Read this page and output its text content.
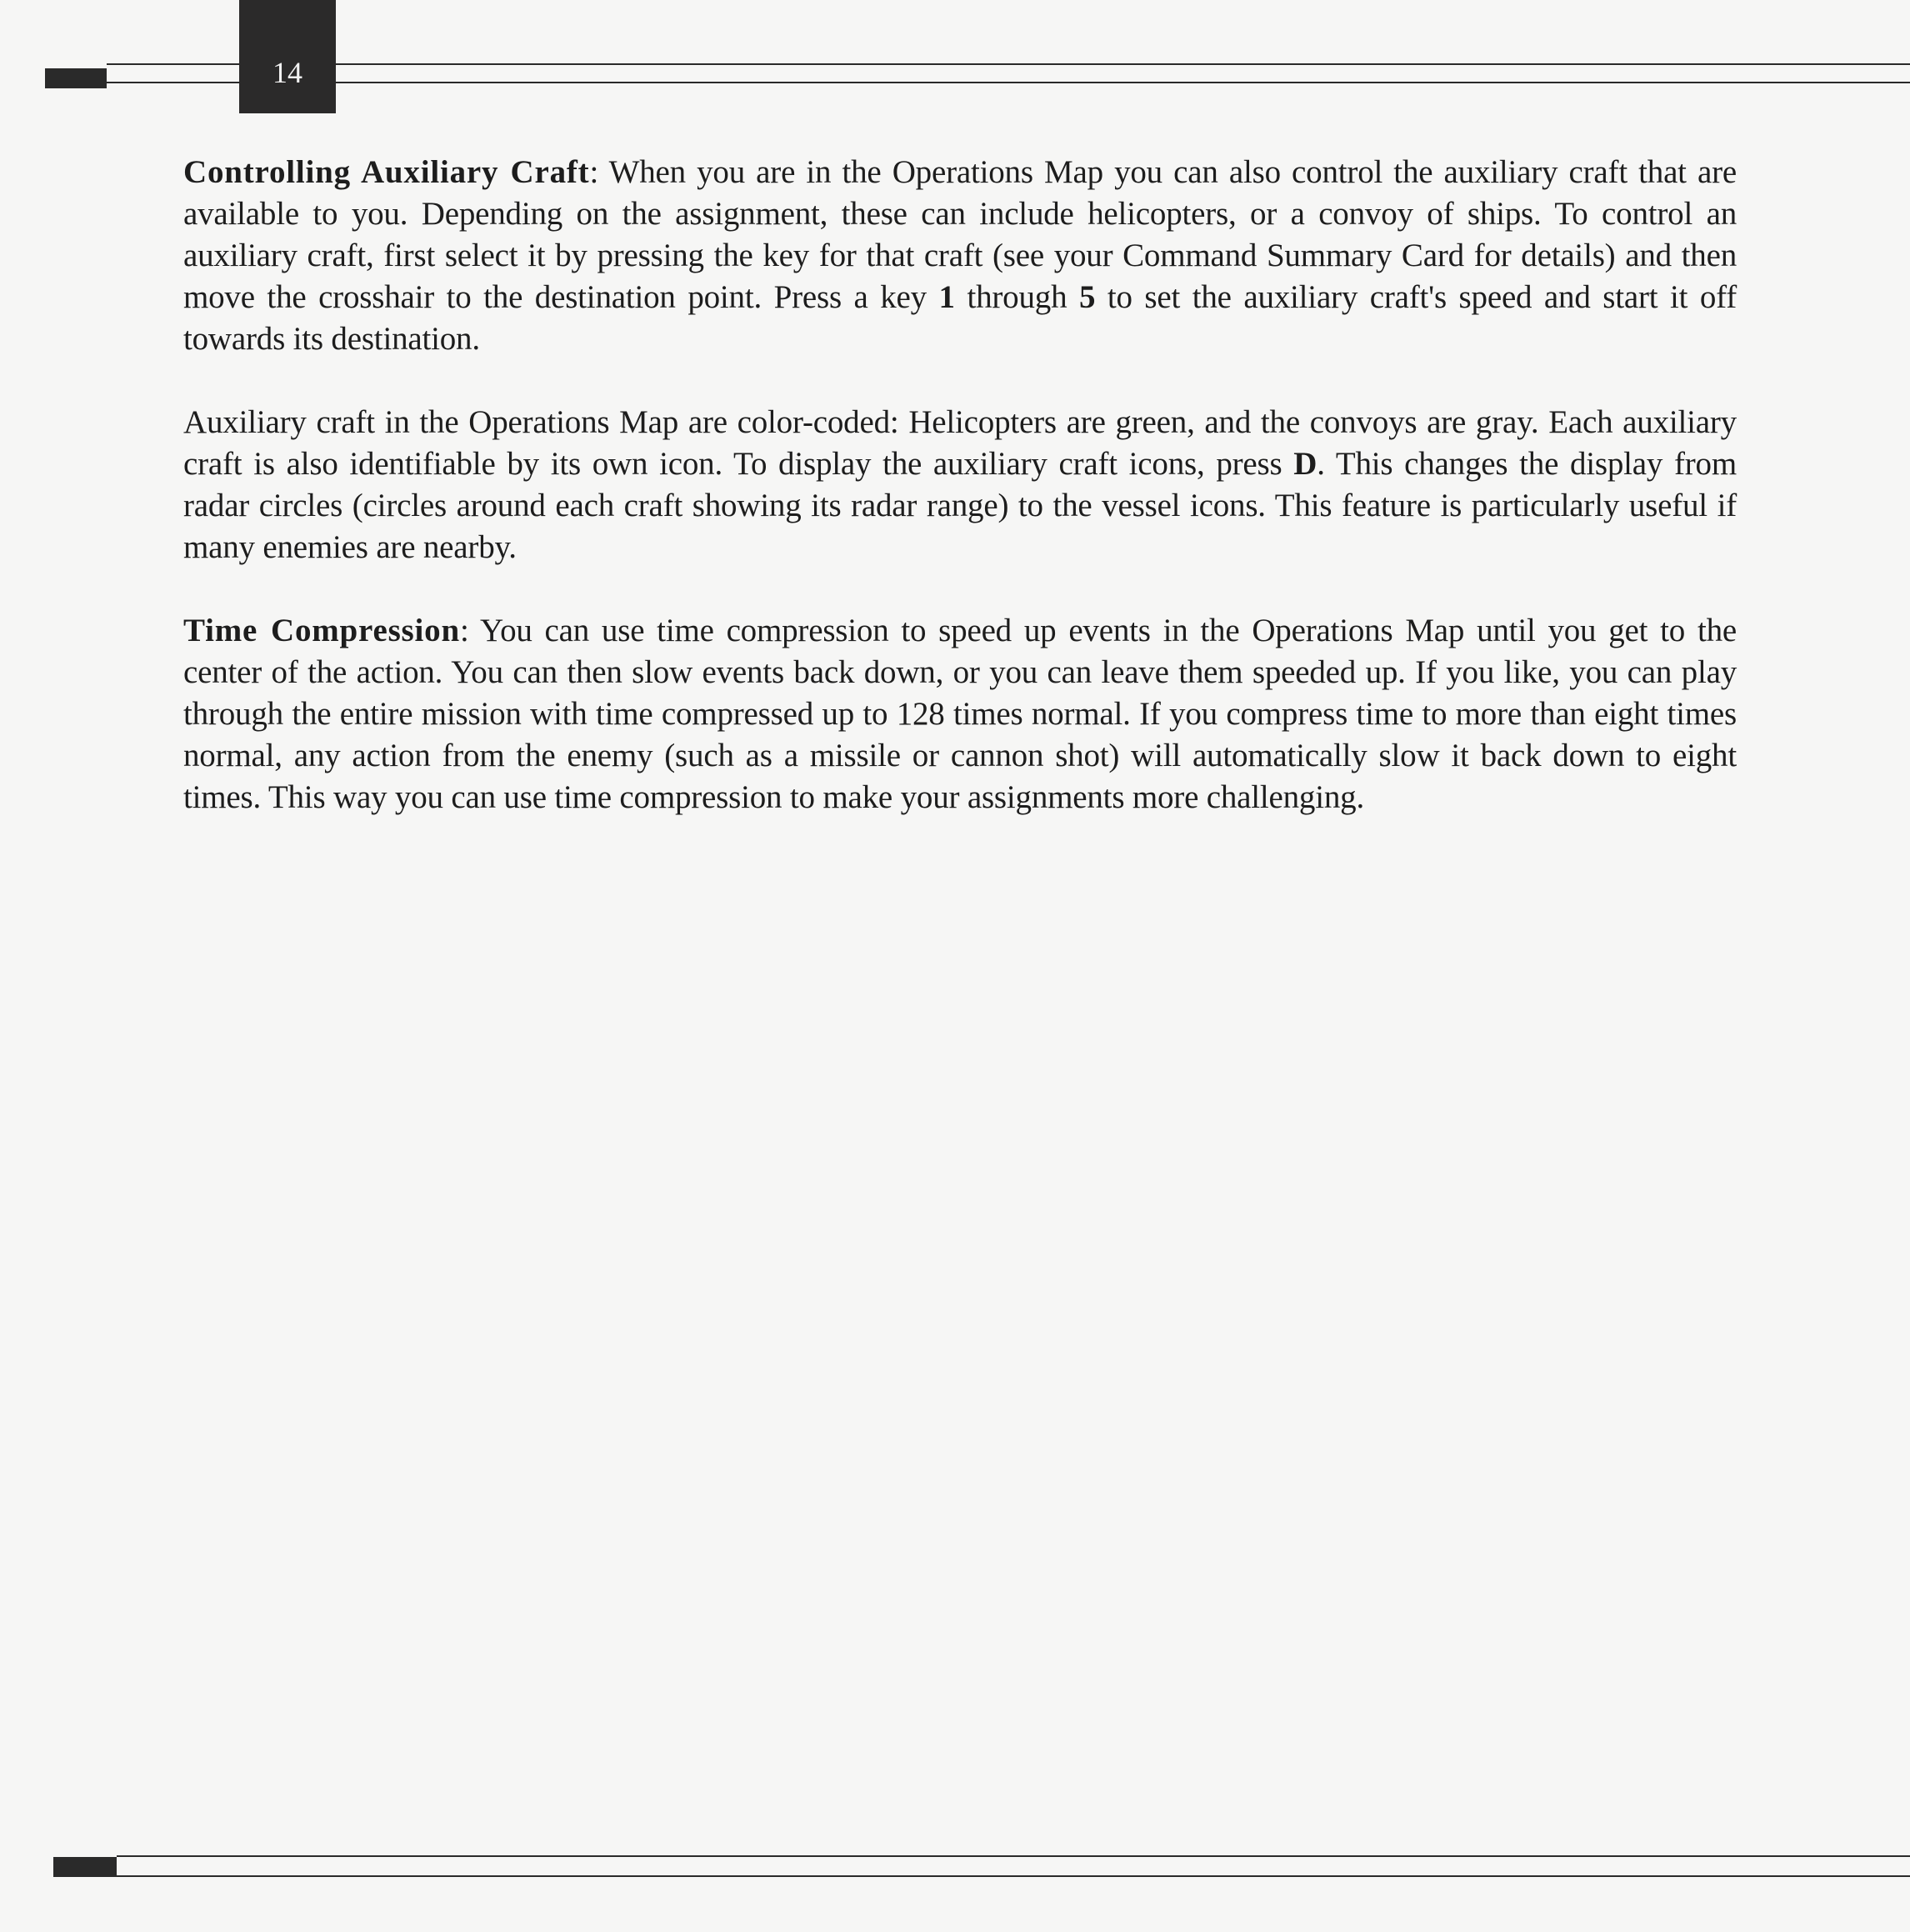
14

Controlling Auxiliary Craft: When you are in the Operations Map you can also control the auxiliary craft that are available to you. Depending on the assignment, these can include helicopters, or a convoy of ships. To control an auxiliary craft, first select it by pressing the key for that craft (see your Command Summary Card for details) and then move the crosshair to the destination point. Press a key 1 through 5 to set the auxiliary craft's speed and start it off towards its destination.

Auxiliary craft in the Operations Map are color-coded: Helicopters are green, and the convoys are gray. Each auxiliary craft is also identifiable by its own icon. To display the auxiliary craft icons, press D. This changes the display from radar circles (circles around each craft showing its radar range) to the vessel icons. This feature is particularly useful if many enemies are nearby.

Time Compression: You can use time compression to speed up events in the Operations Map until you get to the center of the action. You can then slow events back down, or you can leave them speeded up. If you like, you can play through the entire mission with time compressed up to 128 times normal. If you compress time to more than eight times normal, any action from the enemy (such as a missile or cannon shot) will automatically slow it back down to eight times. This way you can use time compression to make your assignments more challenging.
